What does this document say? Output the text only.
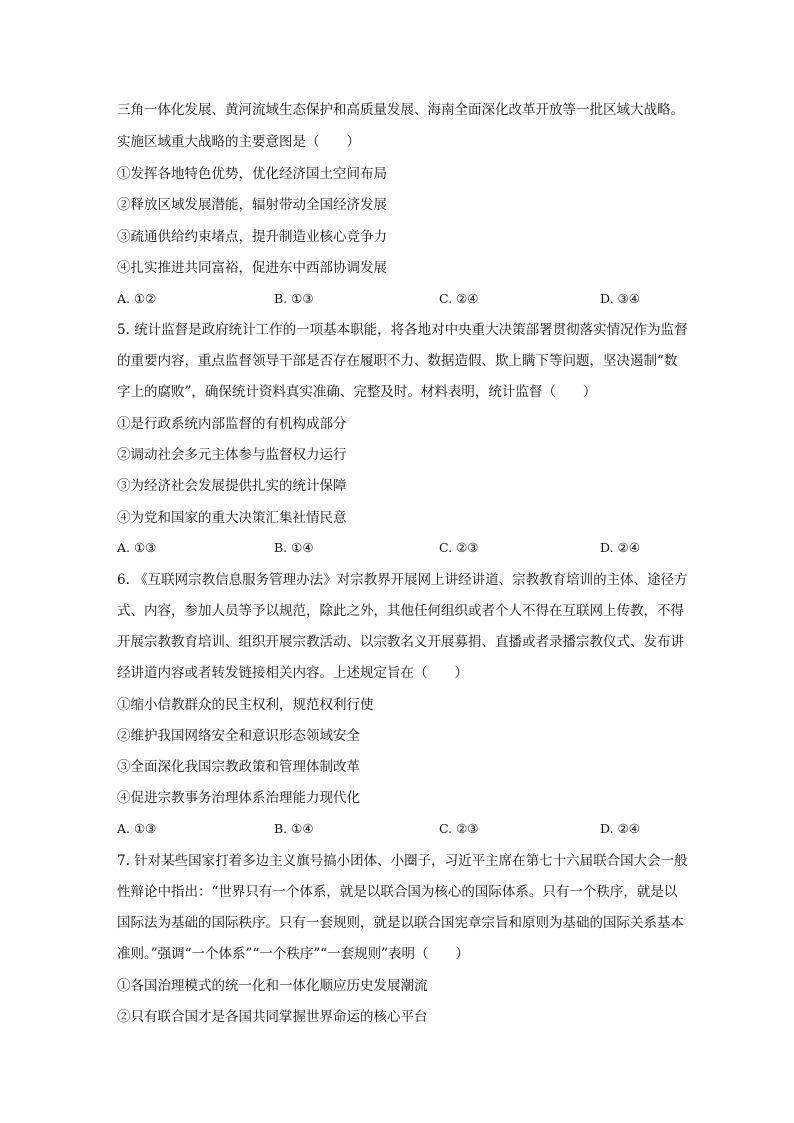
三角一体化发展、黄河流域生态保护和高质量发展、海南全面深化改革开放等一批区域大战略。
实施区域重大战略的主要意图是（　　）
①发挥各地特色优势，优化经济国土空间布局
②释放区域发展潜能，辐射带动全国经济发展
③疏通供给约束堵点，提升制造业核心竞争力
④扎实推进共同富裕，促进东中西部协调发展
A. ①②	B. ①③	C. ②④	D. ③④
5. 统计监督是政府统计工作的一项基本职能，将各地对中央重大决策部署贯彻落实情况作为监督
的重要内容，重点监督领导干部是否存在履职不力、数据造假、欺上瞒下等问题，坚决遏制“数
字上的腐败”，确保统计资料真实准确、完整及时。材料表明，统计监督（　　）
①是行政系统内部监督的有机构成部分
②调动社会多元主体参与监督权力运行
③为经济社会发展提供扎实的统计保障
④为党和国家的重大决策汇集社情民意
A. ①③	B. ①④	C. ②③	D. ②④
6. 《互联网宗教信息服务管理办法》对宗教界开展网上讲经讲道、宗教教育培训的主体、途径方
式、内容，参加人员等予以规范，除此之外，其他任何组织或者个人不得在互联网上传教，不得
开展宗教教育培训、组织开展宗教活动、以宗教名义开展募捐、直播或者录播宗教仪式、发布讲
经讲道内容或者转发链接相关内容。上述规定旨在（　　）
①缩小信教群众的民主权利，规范权利行使
②维护我国网络安全和意识形态领域安全
③全面深化我国宗教政策和管理体制改革
④促进宗教事务治理体系治理能力现代化
A. ①③	B. ①④	C. ②③	D. ②④
7. 针对某些国家打着多边主义旗号搞小团体、小圈子，习近平主席在第七十六届联合国大会一般
性辩论中指出：“世界只有一个体系，就是以联合国为核心的国际体系。只有一个秩序，就是以
国际法为基础的国际秩序。只有一套规则，就是以联合国宪章宗旨和原则为基础的国际关系基本
准则。”强调“一个体系”“一个秩序”“一套规则”表明（　　）
①各国治理模式的统一化和一体化顺应历史发展潮流
②只有联合国才是各国共同掌握世界命运的核心平台
